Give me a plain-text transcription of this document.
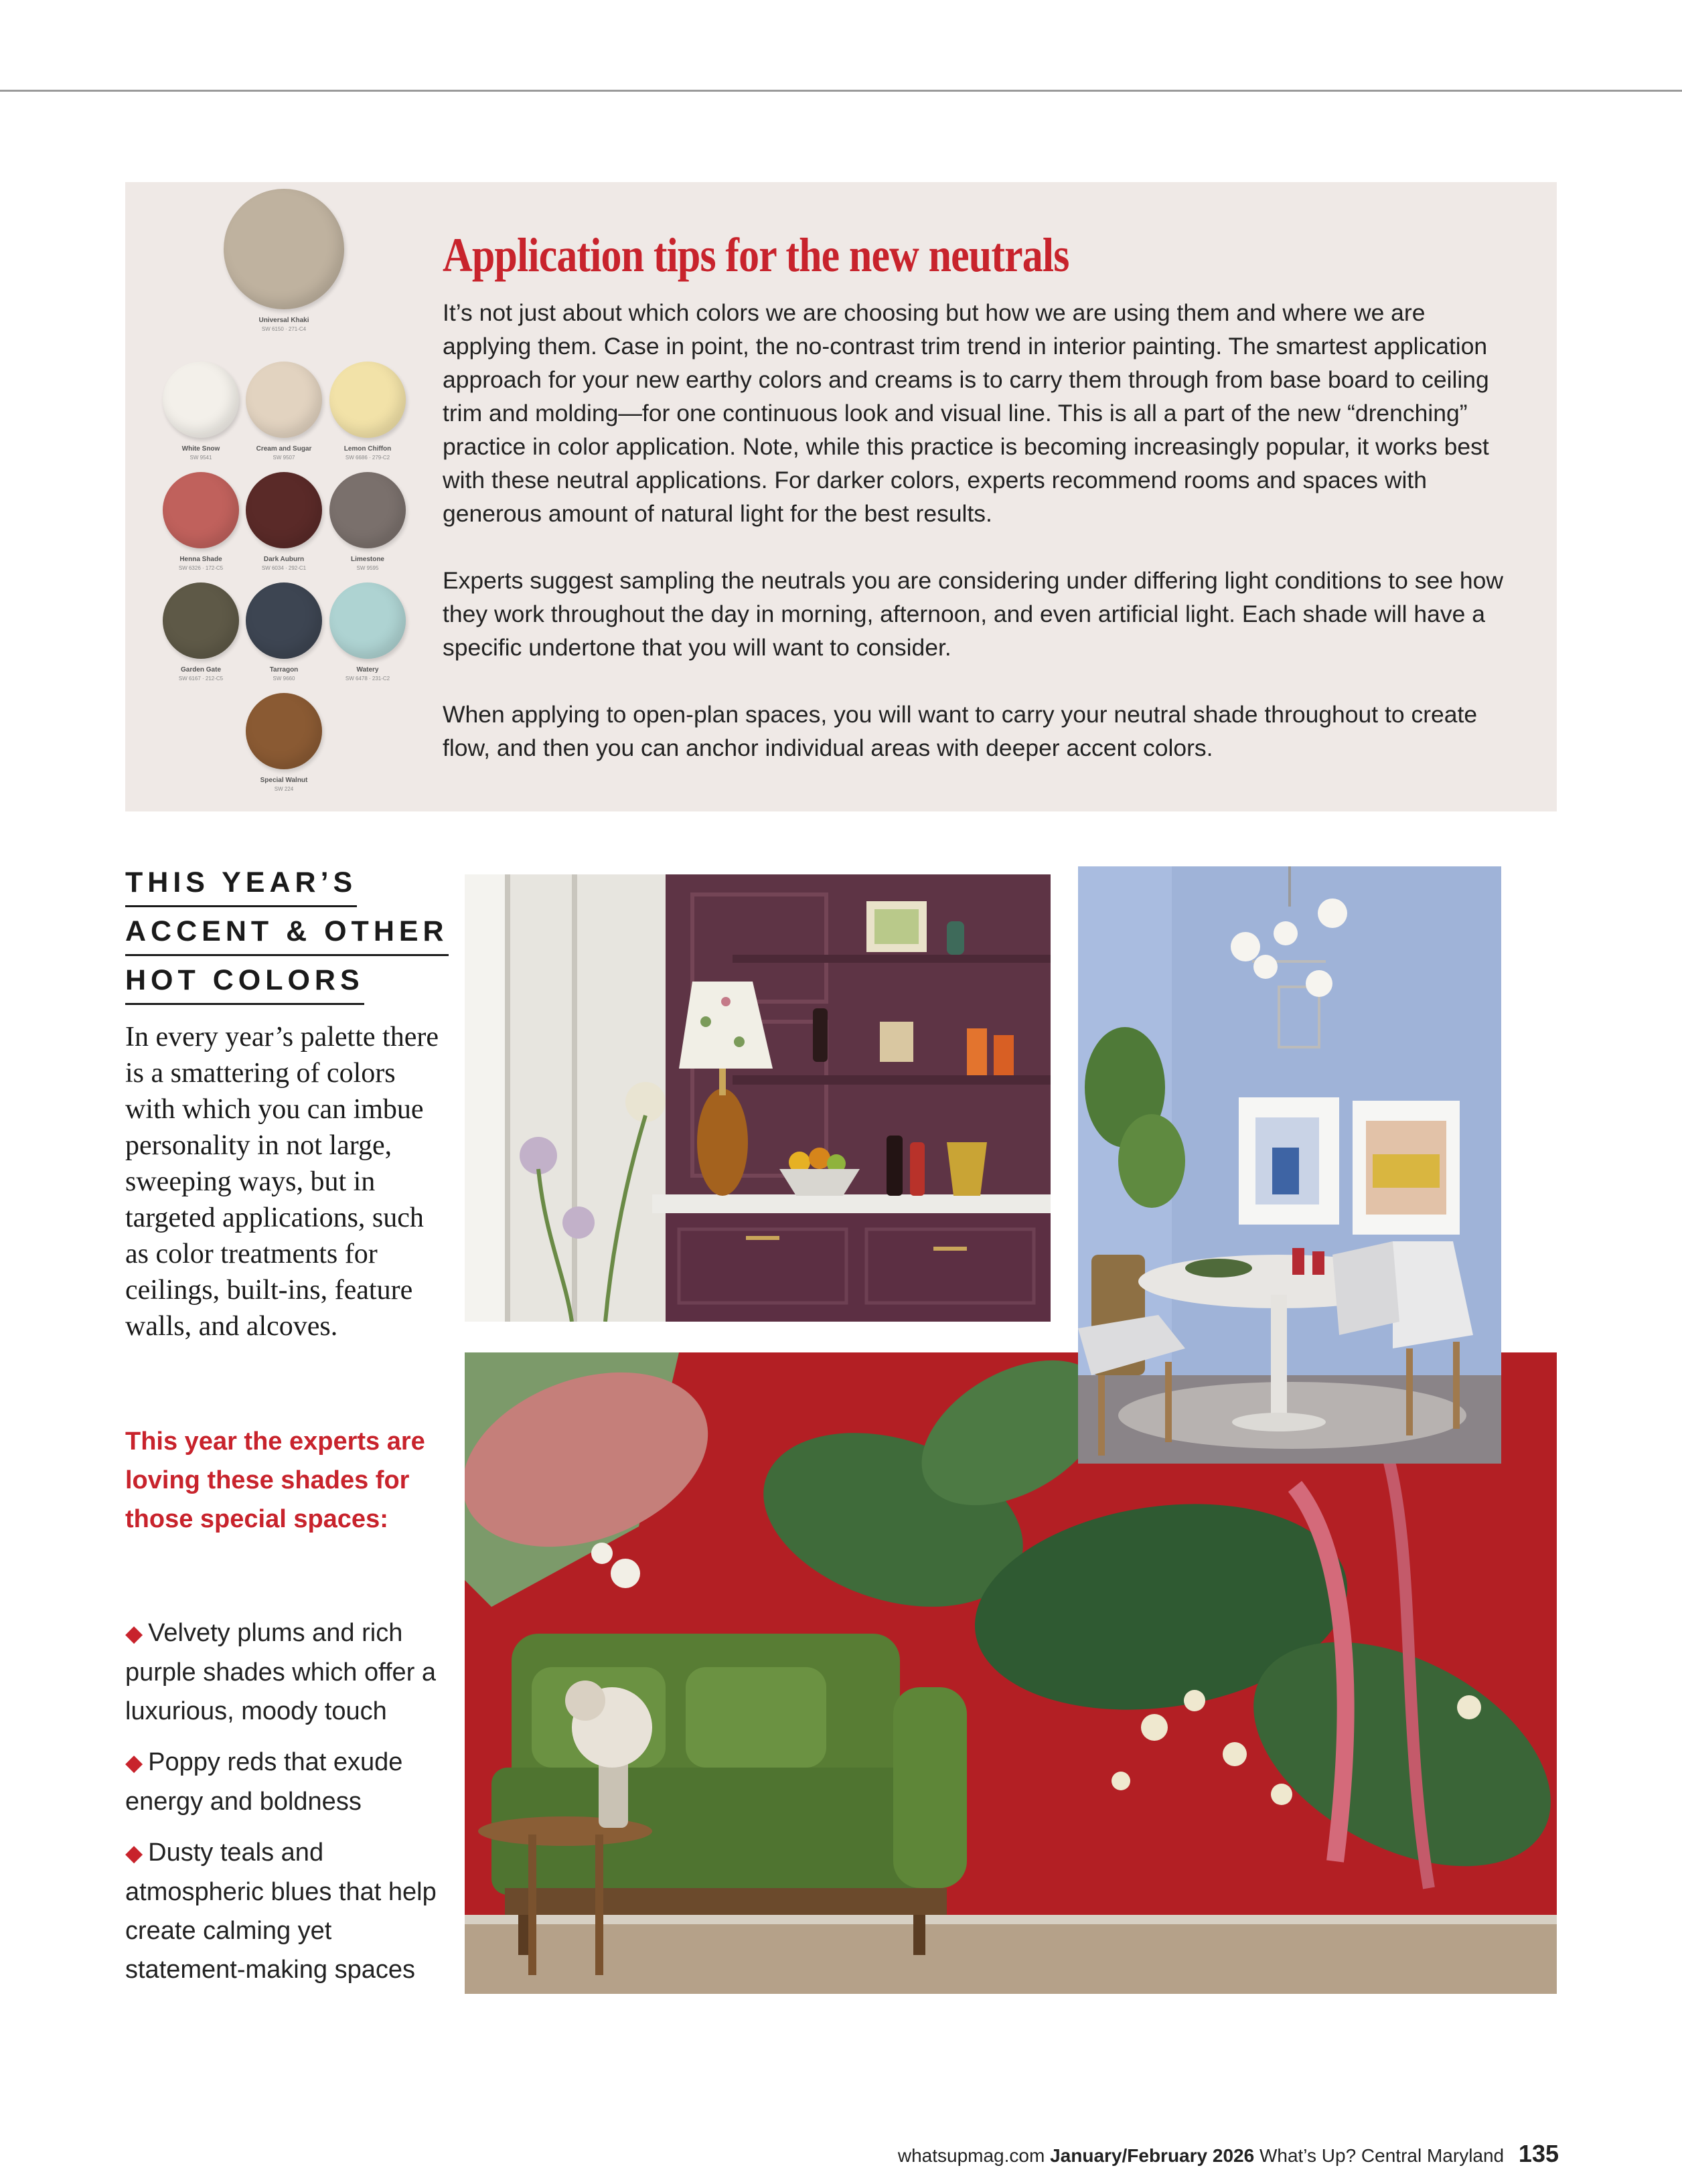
Universal Khaki
SW 6150 · 271-C4
White Snow
SW 9541
Cream and Sugar
SW 9507
Lemon Chiffon
SW 6686 · 279-C2
Henna Shade
SW 6326 · 172-C5
Dark Auburn
SW 6034 · 292-C1
Limestone
SW 9595
Garden Gate
SW 6167 · 212-C5
Tarragon
SW 9660
Watery
SW 6478 · 231-C2
Special Walnut
SW 224
Application tips for the new neutrals

It’s not just about which colors we are choosing but how we are using them and where we are applying them. Case in point, the no-contrast trim trend in interior painting. The smartest application approach for your new earthy colors and creams is to carry them through from base board to ceiling trim and molding—for one continuous look and visual line. This is all a part of the new “drenching” practice in color application. Note, while this practice is becoming increasingly popular, it works best with these neutral applications. For darker colors, experts recommend rooms and spaces with generous amount of natural light for the best results.

Experts suggest sampling the neutrals you are considering under differing light conditions to see how they work throughout the day in morning, afternoon, and even artificial light. Each shade will have a specific undertone that you will want to consider.

When applying to open-plan spaces, you will want to carry your neutral shade throughout to create flow, and then you can anchor individual areas with deeper accent colors.

THIS YEAR’S
ACCENT & OTHER
HOT COLORS

In every year’s palette there is a smattering of colors with which you can imbue personality in not large, sweeping ways, but in targeted applications, such as color treatments for ceilings, built-ins, feature walls, and alcoves.

This year the experts are loving these shades for those special spaces:

◆ Velvety plums and rich purple shades which offer a luxurious, moody touch
◆ Poppy reds that exude energy and boldness
◆ Dusty teals and atmospheric blues that help create calming yet statement-making spaces
whatsupmag.com January/February 2026 What’s Up? Central Maryland 135
